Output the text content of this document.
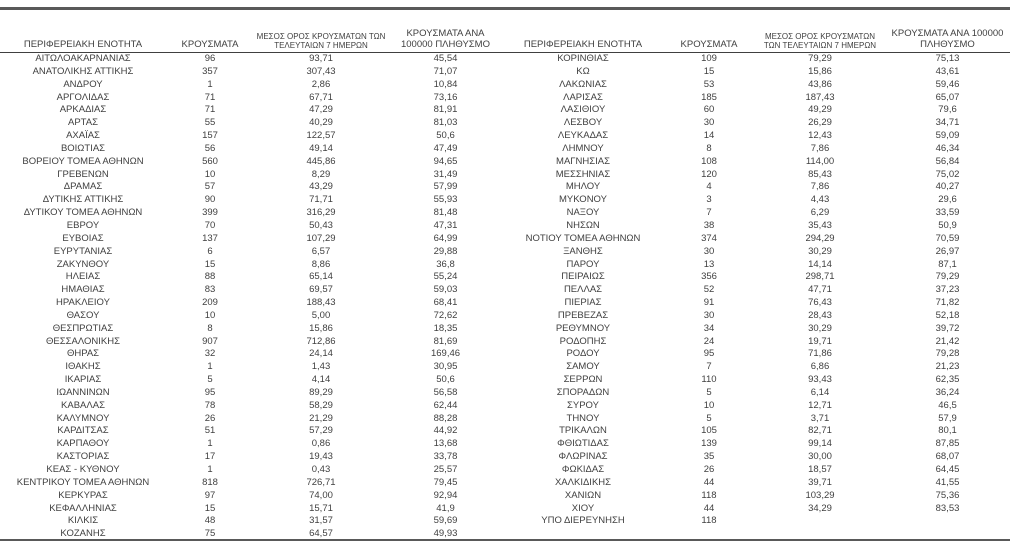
ΠΕΡΙΦΕΡΕΙΑΚΗ ΕΝΟΤΗΤΑ	ΚΡΟΥΣΜΑΤΑ	ΜΕΣΟΣ ΟΡΟΣ ΚΡΟΥΣΜΑΤΩΝ ΤΩΝ ΤΕΛΕΥΤΑΙΩΝ 7 ΗΜΕΡΩΝ	ΚΡΟΥΣΜΑΤΑ ΑΝΑ 100000 ΠΛΗΘΥΣΜΟ
ΑΙΤΩΛΟΑΚΑΡΝΑΝΙΑΣ	96	93,71	45,54
ΑΝΑΤΟΛΙΚΗΣ ΑΤΤΙΚΗΣ	357	307,43	71,07
ΑΝΔΡΟΥ	1	2,86	10,84
ΑΡΓΟΛΙΔΑΣ	71	67,71	73,16
ΑΡΚΑΔΙΑΣ	71	47,29	81,91
ΑΡΤΑΣ	55	40,29	81,03
ΑΧΑΪΑΣ	157	122,57	50,6
ΒΟΙΩΤΙΑΣ	56	49,14	47,49
ΒΟΡΕΙΟΥ ΤΟΜΕΑ ΑΘΗΝΩΝ	560	445,86	94,65
ΓΡΕΒΕΝΩΝ	10	8,29	31,49
ΔΡΑΜΑΣ	57	43,29	57,99
ΔΥΤΙΚΗΣ ΑΤΤΙΚΗΣ	90	71,71	55,93
ΔΥΤΙΚΟΥ ΤΟΜΕΑ ΑΘΗΝΩΝ	399	316,29	81,48
ΕΒΡΟΥ	70	50,43	47,31
ΕΥΒΟΙΑΣ	137	107,29	64,99
ΕΥΡΥΤΑΝΙΑΣ	6	6,57	29,88
ΖΑΚΥΝΘΟΥ	15	8,86	36,8
ΗΛΕΙΑΣ	88	65,14	55,24
ΗΜΑΘΙΑΣ	83	69,57	59,03
ΗΡΑΚΛΕΙΟΥ	209	188,43	68,41
ΘΑΣΟΥ	10	5,00	72,62
ΘΕΣΠΡΩΤΙΑΣ	8	15,86	18,35
ΘΕΣΣΑΛΟΝΙΚΗΣ	907	712,86	81,69
ΘΗΡΑΣ	32	24,14	169,46
ΙΘΑΚΗΣ	1	1,43	30,95
ΙΚΑΡΙΑΣ	5	4,14	50,6
ΙΩΑΝΝΙΝΩΝ	95	89,29	56,58
ΚΑΒΑΛΑΣ	78	58,29	62,44
ΚΑΛΥΜΝΟΥ	26	21,29	88,28
ΚΑΡΔΙΤΣΑΣ	51	57,29	44,92
ΚΑΡΠΑΘΟΥ	1	0,86	13,68
ΚΑΣΤΟΡΙΑΣ	17	19,43	33,78
ΚΕΑΣ - ΚΥΘΝΟΥ	1	0,43	25,57
ΚΕΝΤΡΙΚΟΥ ΤΟΜΕΑ ΑΘΗΝΩΝ	818	726,71	79,45
ΚΕΡΚΥΡΑΣ	97	74,00	92,94
ΚΕΦΑΛΛΗΝΙΑΣ	15	15,71	41,9
ΚΙΛΚΙΣ	48	31,57	59,69
ΚΟΖΑΝΗΣ	75	64,57	49,93
ΠΕΡΙΦΕΡΕΙΑΚΗ ΕΝΟΤΗΤΑ	ΚΡΟΥΣΜΑΤΑ	ΜΕΣΟΣ ΟΡΟΣ ΚΡΟΥΣΜΑΤΩΝ ΤΩΝ ΤΕΛΕΥΤΑΙΩΝ 7 ΗΜΕΡΩΝ	ΚΡΟΥΣΜΑΤΑ ΑΝΑ 100000 ΠΛΗΘΥΣΜΟ
ΚΟΡΙΝΘΙΑΣ	109	79,29	75,13
ΚΩ	15	15,86	43,61
ΛΑΚΩΝΙΑΣ	53	43,86	59,46
ΛΑΡΙΣΑΣ	185	187,43	65,07
ΛΑΣΙΘΙΟΥ	60	49,29	79,6
ΛΕΣΒΟΥ	30	26,29	34,71
ΛΕΥΚΑΔΑΣ	14	12,43	59,09
ΛΗΜΝΟΥ	8	7,86	46,34
ΜΑΓΝΗΣΙΑΣ	108	114,00	56,84
ΜΕΣΣΗΝΙΑΣ	120	85,43	75,02
ΜΗΛΟΥ	4	7,86	40,27
ΜΥΚΟΝΟΥ	3	4,43	29,6
ΝΑΞΟΥ	7	6,29	33,59
ΝΗΣΩΝ	38	35,43	50,9
ΝΟΤΙΟΥ ΤΟΜΕΑ ΑΘΗΝΩΝ	374	294,29	70,59
ΞΑΝΘΗΣ	30	30,29	26,97
ΠΑΡΟΥ	13	14,14	87,1
ΠΕΙΡΑΙΩΣ	356	298,71	79,29
ΠΕΛΛΑΣ	52	47,71	37,23
ΠΙΕΡΙΑΣ	91	76,43	71,82
ΠΡΕΒΕΖΑΣ	30	28,43	52,18
ΡΕΘΥΜΝΟΥ	34	30,29	39,72
ΡΟΔΟΠΗΣ	24	19,71	21,42
ΡΟΔΟΥ	95	71,86	79,28
ΣΑΜΟΥ	7	6,86	21,23
ΣΕΡΡΩΝ	110	93,43	62,35
ΣΠΟΡΑΔΩΝ	5	6,14	36,24
ΣΥΡΟΥ	10	12,71	46,5
ΤΗΝΟΥ	5	3,71	57,9
ΤΡΙΚΑΛΩΝ	105	82,71	80,1
ΦΘΙΩΤΙΔΑΣ	139	99,14	87,85
ΦΛΩΡΙΝΑΣ	35	30,00	68,07
ΦΩΚΙΔΑΣ	26	18,57	64,45
ΧΑΛΚΙΔΙΚΗΣ	44	39,71	41,55
ΧΑΝΙΩΝ	118	103,29	75,36
ΧΙΟΥ	44	34,29	83,53
ΥΠΟ ΔΙΕΡΕΥΝΗΣΗ	118		
